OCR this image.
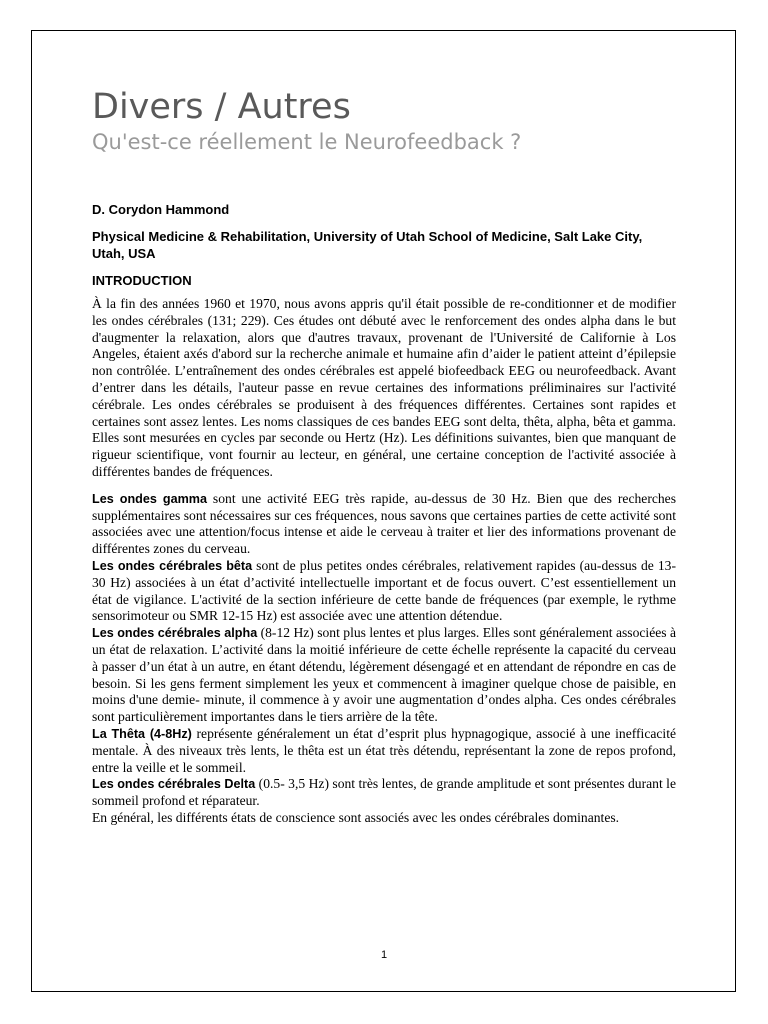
Divers / Autres
Qu'est-ce réellement le Neurofeedback ?

D. Corydon Hammond

Physical Medicine & Rehabilitation, University of Utah School of Medicine, Salt Lake City, Utah, USA

INTRODUCTION

À la fin des années 1960 et 1970, nous avons appris qu'il était possible de re-conditionner et de modifier les ondes cérébrales (131; 229). Ces études ont débuté avec le renforcement des ondes alpha dans le but d'augmenter la relaxation, alors que d'autres travaux, provenant de l'Université de Californie à Los Angeles, étaient axés d'abord sur la recherche animale et humaine afin d’aider le patient atteint d’épilepsie non contrôlée. L’entraînement des ondes cérébrales est appelé biofeedback EEG ou neurofeedback. Avant d’entrer dans les détails, l'auteur passe en revue certaines des informations préliminaires sur l'activité cérébrale. Les ondes cérébrales se produisent à des fréquences différentes. Certaines sont rapides et certaines sont assez lentes. Les noms classiques de ces bandes EEG sont delta, thêta, alpha, bêta et gamma. Elles sont mesurées en cycles par seconde ou Hertz (Hz). Les définitions suivantes, bien que manquant de rigueur scientifique, vont fournir au lecteur, en général, une certaine conception de l'activité associée à différentes bandes de fréquences.

Les ondes gamma sont une activité EEG très rapide, au-dessus de 30 Hz. Bien que des recherches supplémentaires sont nécessaires sur ces fréquences, nous savons que certaines parties de cette activité sont associées avec une attention/focus intense et aide le cerveau à traiter et lier des informations provenant de différentes zones du cerveau.
Les ondes cérébrales bêta sont de plus petites ondes cérébrales, relativement rapides (au-dessus de 13-30 Hz) associées à un état d’activité intellectuelle important et de focus ouvert. C’est essentiellement un état de vigilance. L'activité de la section inférieure de cette bande de fréquences (par exemple, le rythme sensorimoteur ou SMR 12-15 Hz) est associée avec une attention détendue.
Les ondes cérébrales alpha (8-12 Hz) sont plus lentes et plus larges. Elles sont généralement associées à un état de relaxation. L’activité dans la moitié inférieure de cette échelle représente la capacité du cerveau à passer d’un état à un autre, en étant détendu, légèrement désengagé et en attendant de répondre en cas de besoin. Si les gens ferment simplement les yeux et commencent à imaginer quelque chose de paisible, en moins d'une demie- minute, il commence à y avoir une augmentation d’ondes alpha. Ces ondes cérébrales sont particulièrement importantes dans le tiers arrière de la tête.
La Thêta (4-8Hz) représente généralement un état d’esprit plus hypnagogique, associé à une inefficacité mentale. À des niveaux très lents, le thêta est un état très détendu, représentant la zone de repos profond, entre la veille et le sommeil.
Les ondes cérébrales Delta (0.5- 3,5 Hz) sont très lentes, de grande amplitude et sont présentes durant le sommeil profond et réparateur.
En général, les différents états de conscience sont associés avec les ondes cérébrales dominantes.
1
